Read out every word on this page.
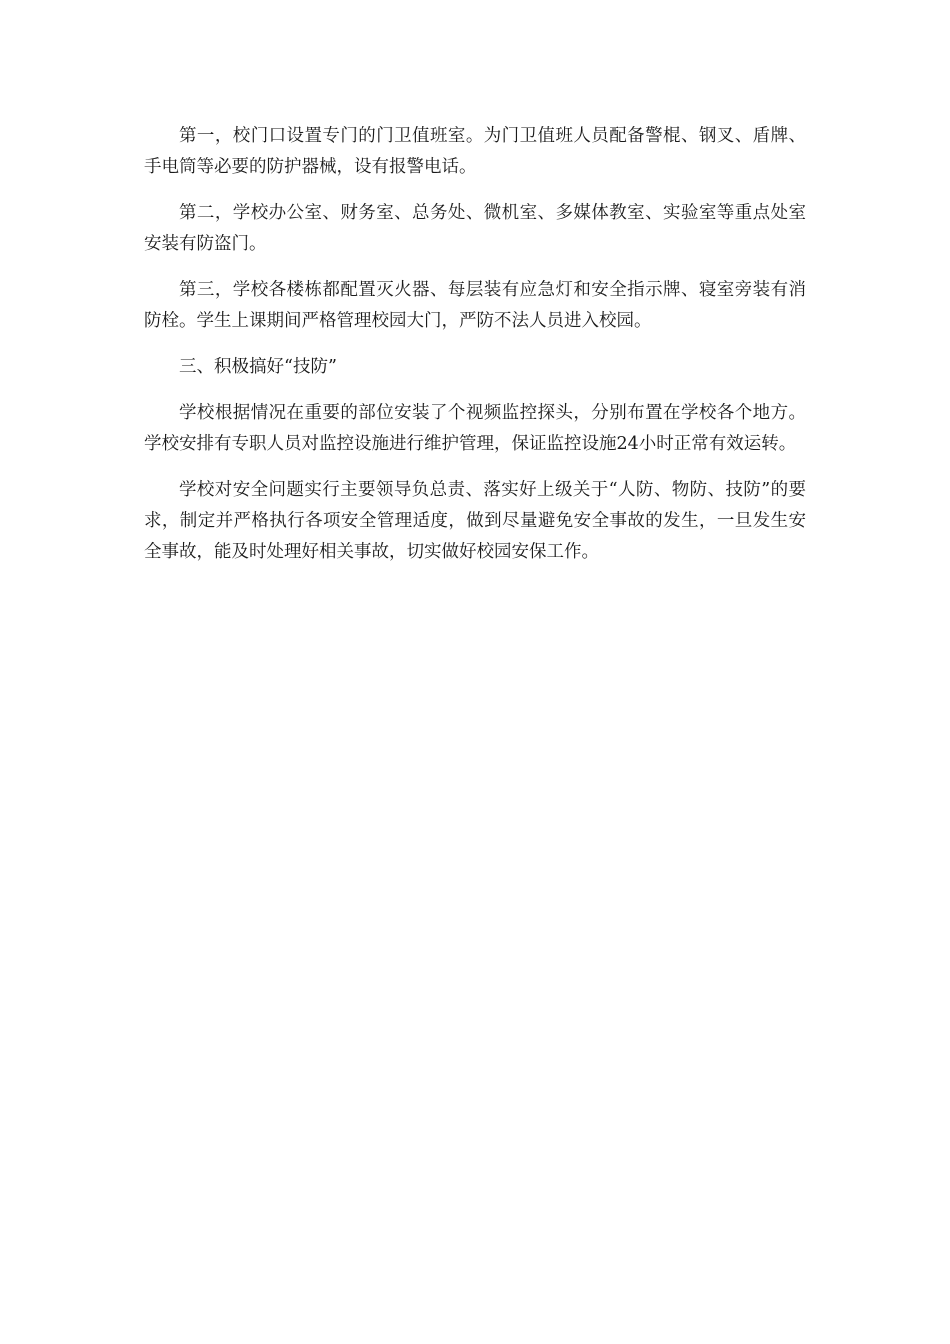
第一，校门口设置专门的门卫值班室。为门卫值班人员配备警棍、钢叉、盾牌、手电筒等必要的防护器械，设有报警电话。

第二，学校办公室、财务室、总务处、微机室、多媒体教室、实验室等重点处室安装有防盗门。

第三，学校各楼栋都配置灭火器、每层装有应急灯和安全指示牌、寝室旁装有消防栓。学生上课期间严格管理校园大门，严防不法人员进入校园。

三、积极搞好“技防”

学校根据情况在重要的部位安装了个视频监控探头，分别布置在学校各个地方。学校安排有专职人员对监控设施进行维护管理，保证监控设施24小时正常有效运转。

学校对安全问题实行主要领导负总责、落实好上级关于“人防、物防、技防”的要求，制定并严格执行各项安全管理适度，做到尽量避免安全事故的发生，一旦发生安全事故，能及时处理好相关事故，切实做好校园安保工作。
